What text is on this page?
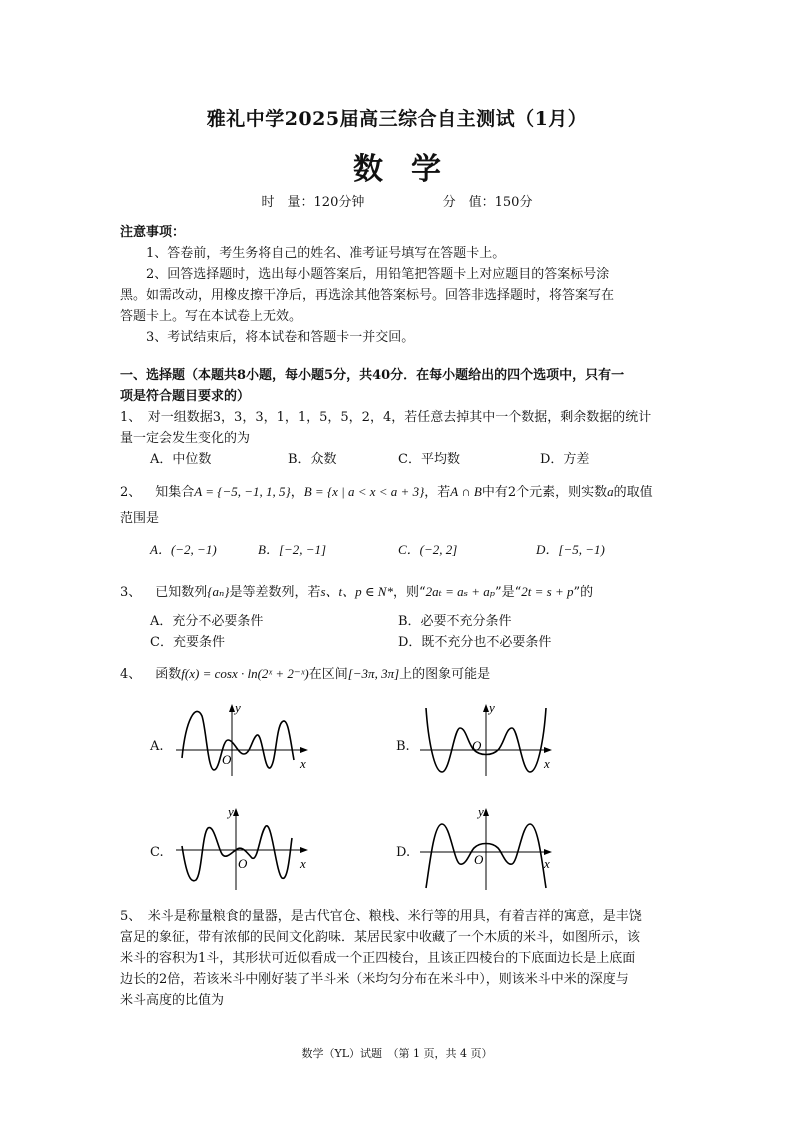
雅礼中学2025届高三综合自主测试（1月）
数学
时　量：120分钟	分　值：150分
注意事项：
1、答卷前，考生务将自己的姓名、准考证号填写在答题卡上。
2、回答选择题时，选出每小题答案后，用铅笔把答题卡上对应题目的答案标号涂
黑。如需改动，用橡皮擦干净后，再选涂其他答案标号。回答非选择题时，将答案写在
答题卡上。写在本试卷上无效。
3、考试结束后，将本试卷和答题卡一并交回。
一、选择题（本题共8小题，每小题5分，共40分．在每小题给出的四个选项中，只有一
项是符合题目要求的）
1、　对一组数据3，3，3，1，1，5，5，2，4，若任意去掉其中一个数据，剩余数据的统计
量一定会发生变化的为
A．中位数	B．众数	C．平均数	D．方差
2、 知集合A = {−5, −1, 1, 5}，B = {x | a < x < a + 3}，若A ∩ B中有2个元素，则实数a的取值
范围是
A．(−2, −1)	B．[−2, −1]	C．(−2, 2]	D．[−5, −1)
3、 已知数列{aₙ}是等差数列，若s、t、p ∈ N*，则“2aₜ = aₛ + aₚ”是“2t = s + p”的
A．充分不必要条件	B．必要不充分条件
C．充要条件	D．既不充分也不必要条件
4、 函数f(x) = cosx · ln(2ˣ + 2⁻ˣ)在区间[−3π, 3π]上的图象可能是
A.	B.
C.	D.
x
y
O	x
y
O
x
y
O	x
y
O
5、　米斗是称量粮食的量器，是古代官仓、粮栈、米行等的用具，有着吉祥的寓意，是丰饶
富足的象征，带有浓郁的民间文化韵味．某居民家中收藏了一个木质的米斗，如图所示，该
米斗的容积为1斗，其形状可近似看成一个正四棱台，且该正四棱台的下底面边长是上底面
边长的2倍，若该米斗中刚好装了半斗米（米均匀分布在米斗中），则该米斗中米的深度与
米斗高度的比值为
数学（YL）试题　（第 1 页，共 4 页）
